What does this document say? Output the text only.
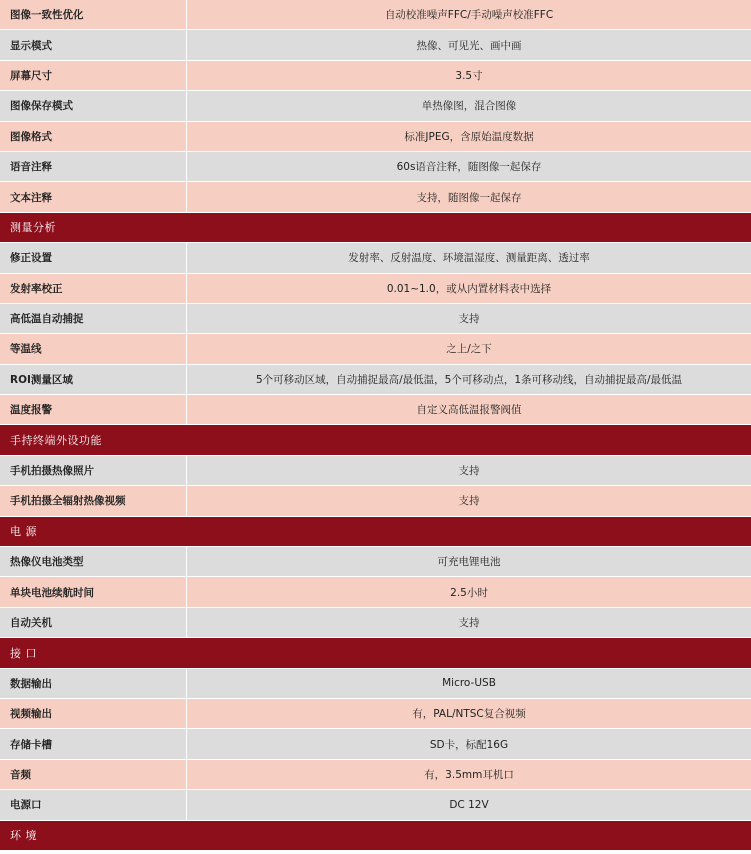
图像一致性优化	自动校准噪声FFC/手动噪声校准FFC
显示模式	热像、可见光、画中画
屏幕尺寸	3.5寸
图像保存模式	单热像图，混合图像
图像格式	标准JPEG，含原始温度数据
语音注释	60s语音注释，随图像一起保存
文本注释	支持，随图像一起保存
测量分析
修正设置	发射率、反射温度、环境温湿度、测量距离、透过率
发射率校正	0.01~1.0，或从内置材料表中选择
高低温自动捕捉	支持
等温线	之上/之下
ROI测量区域	5个可移动区域，自动捕捉最高/最低温，5个可移动点，1条可移动线，自动捕捉最高/最低温
温度报警	自定义高低温报警阀值
手持终端外设功能
手机拍摄热像照片	支持
手机拍摄全辐射热像视频	支持
电 源
热像仪电池类型	可充电锂电池
单块电池续航时间	2.5小时
自动关机	支持
接 口
数据输出	Micro-USB
视频输出	有，PAL/NTSC复合视频
存储卡槽	SD卡，标配16G
音频	有，3.5mm耳机口
电源口	DC 12V
环 境
